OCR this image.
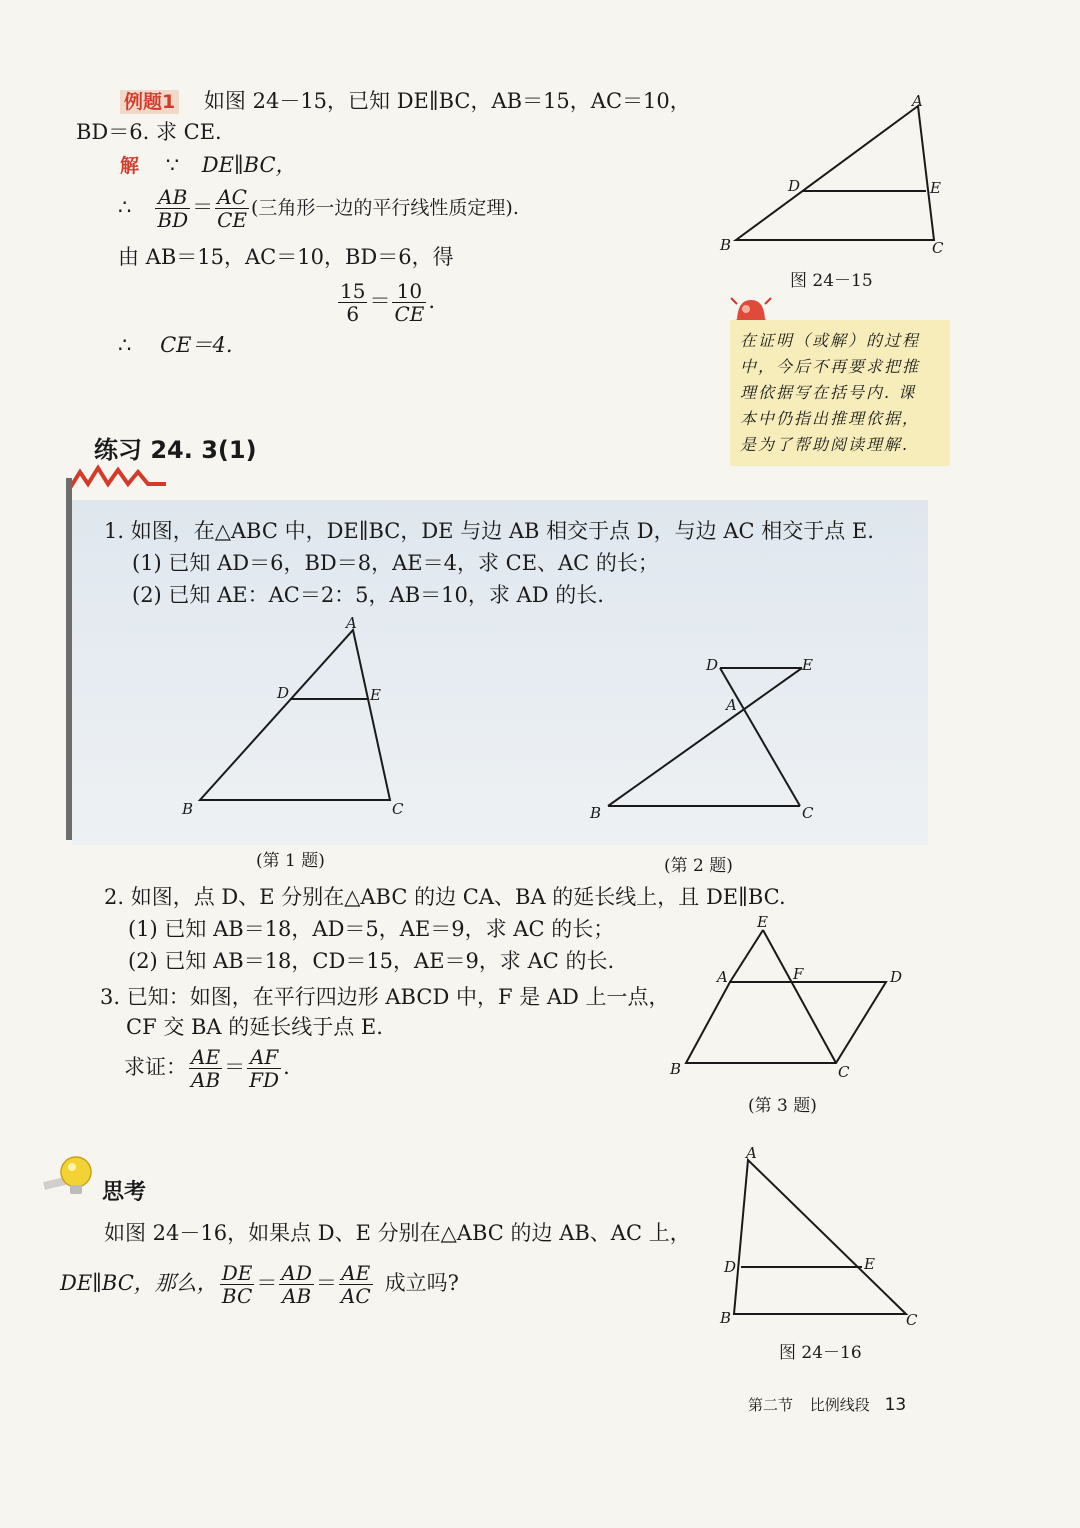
例题1 如图 24－15，已知 DE∥BC，AB＝15，AC＝10，
BD＝6. 求 CE.
解 ∵ DE∥BC，
∴ $\frac{AB}{BD} = \frac{AC}{CE}$ (三角形一边的平行线性质定理).
由 AB＝15，AC＝10，BD＝6，得
$\frac{15}{6} = \frac{10}{CE}$ .
∴ CE＝4.
A
D	E
B	C
图 24－15
在证明（或解）的过程
中，今后不再要求把推
理依据写在括号内. 课
本中仍指出推理依据，
是为了帮助阅读理解.
练习 24. 3(1)
1. 如图，在△ABC 中，DE∥BC，DE 与边 AB 相交于点 D，与边 AC 相交于点 E.
(1) 已知 AD＝6，BD＝8，AE＝4，求 CE、AC 的长；
(2) 已知 AE：AC＝2：5，AB＝10，求 AD 的长.
A
D	E
B	C
(第 1 题)
D	E
A
B	C
(第 2 题)
2. 如图，点 D、E 分别在△ABC 的边 CA、BA 的延长线上，且 DE∥BC.
(1) 已知 AB＝18，AD＝5，AE＝9，求 AC 的长；
(2) 已知 AB＝18，CD＝15，AE＝9，求 AC 的长.
3. 已知：如图，在平行四边形 ABCD 中，F 是 AD 上一点，
CF 交 BA 的延长线于点 E.
求证： $\frac{AE}{AB} = \frac{AF}{FD}$ .
E
A	F	D
B	C
(第 3 题)
思考
如图 24－16，如果点 D、E 分别在△ABC 的边 AB、AC 上，
DE∥BC，那么， $\frac{DE}{BC} = \frac{AD}{AB} = \frac{AE}{AC}$ 成立吗?
A
D	E
B	C
图 24－16
第二节 比例线段 13
